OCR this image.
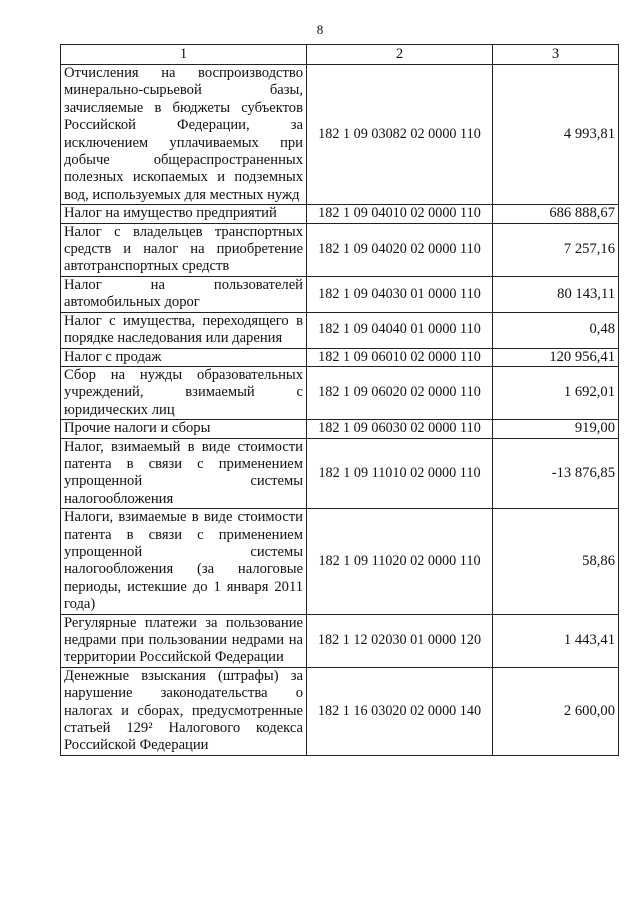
8
1	2	3
Отчисления на воспроизводство минерально-сырьевой базы, зачисляемые в бюджеты субъектов Российской Федерации, за исключением уплачиваемых при добыче общераспространенных полезных ископаемых и подземных вод, используемых для местных нужд	182 1 09 03082 02 0000 110	4 993,81
Налог на имущество предприятий	182 1 09 04010 02 0000 110	686 888,67
Налог с владельцев транспортных средств и налог на приобретение автотранспортных средств	182 1 09 04020 02 0000 110	7 257,16
Налог на пользователей автомобильных дорог	182 1 09 04030 01 0000 110	80 143,11
Налог с имущества, переходящего в порядке наследования или дарения	182 1 09 04040 01 0000 110	0,48
Налог с продаж	182 1 09 06010 02 0000 110	120 956,41
Сбор на нужды образовательных учреждений, взимаемый с юридических лиц	182 1 09 06020 02 0000 110	1 692,01
Прочие налоги и сборы	182 1 09 06030 02 0000 110	919,00
Налог, взимаемый в виде стоимости патента в связи с применением упрощенной системы налогообложения	182 1 09 11010 02 0000 110	-13 876,85
Налоги, взимаемые в виде стоимости патента в связи с применением упрощенной системы налогообложения (за налоговые периоды, истекшие до 1 января 2011 года)	182 1 09 11020 02 0000 110	58,86
Регулярные платежи за пользование недрами при пользовании недрами на территории Российской Федерации	182 1 12 02030 01 0000 120	1 443,41
Денежные взыскания (штрафы) за нарушение законодательства о налогах и сборах, предусмотренные статьей 129² Налогового кодекса Российской Федерации	182 1 16 03020 02 0000 140	2 600,00
